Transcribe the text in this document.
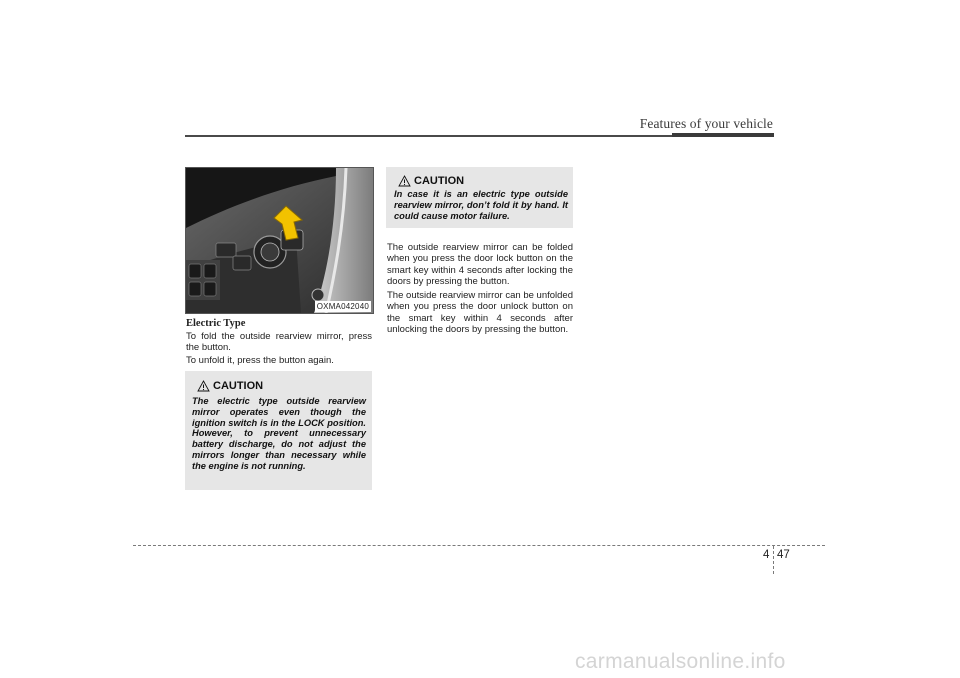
Features of your vehicle
OXMA042040
Electric Type
To fold the outside rearview mirror, press the button.
To unfold it, press the button again.
CAUTION
The electric type outside rearview mirror operates even though the ignition switch is in the LOCK position. However, to prevent unnecessary battery discharge, do not adjust the mirrors longer than necessary while the engine is not running.
CAUTION
In case it is an electric type outside rearview mirror, don’t fold it by hand. It could cause motor failure.
The outside rearview mirror can be folded when you press the door lock button on the smart key within 4 seconds after locking the doors by pressing the button.
The outside rearview mirror can be unfolded when you press the door unlock button on the smart key within 4 seconds after unlocking the doors by pressing the button.
4 47
carmanualsonline.info
